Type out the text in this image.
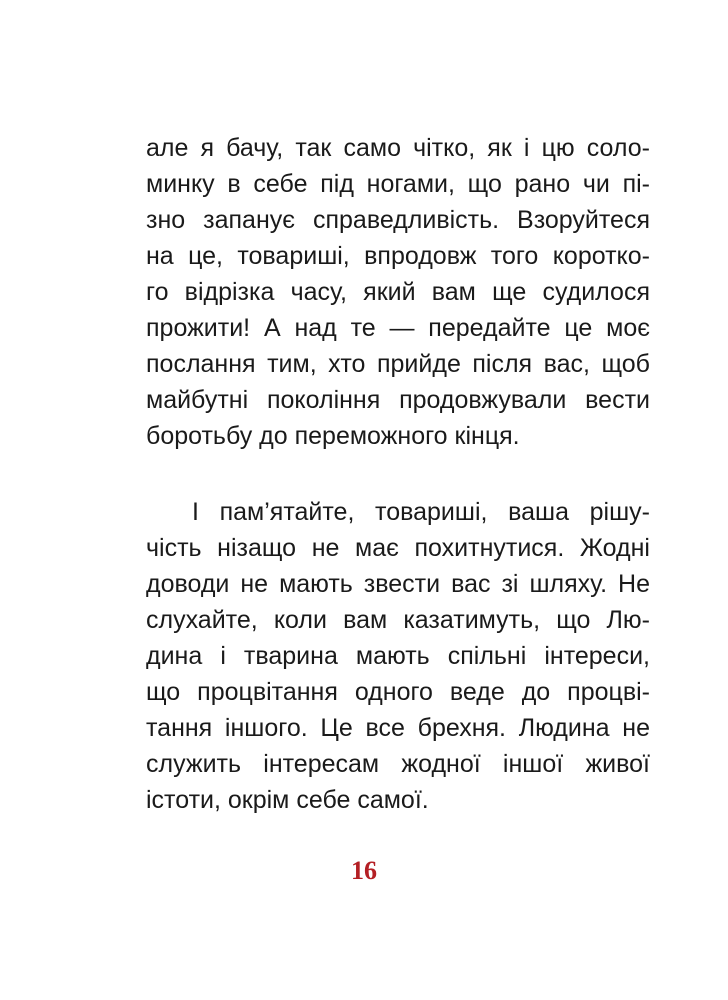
але я бачу, так само чітко, як і цю соло-
минку в себе під ногами, що рано чи пі-
зно запанує справедливість. Взоруйтеся
на це, товариші, впродовж того коротко-
го відрізка часу, який вам ще судилося
прожити! А над те — передайте це моє
послання тим, хто прийде після вас, щоб
майбутні покоління продовжували вести
боротьбу до переможного кінця.
І пам’ятайте, товариші, ваша рішу-
чість нізащо не має похитнутися. Жодні
доводи не мають звести вас зі шляху. Не
слухайте, коли вам казатимуть, що Лю-
дина і тварина мають спільні інтереси,
що процвітання одного веде до процві-
тання іншого. Це все брехня. Людина не
служить інтересам жодної іншої живої
істоти, окрім себе самої.
16
